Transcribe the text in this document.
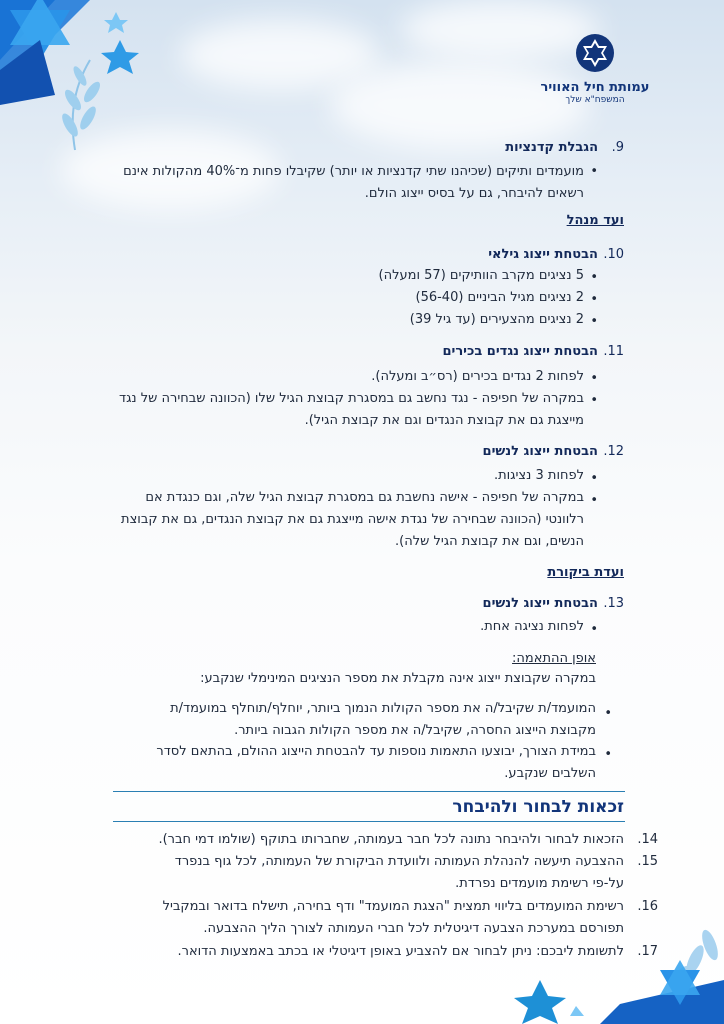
עמותת חיל האוויר
המשפח"א שלך
9.
הגבלת קדנציות
•
מועמדים ותיקים (שכיהנו שתי קדנציות או יותר) שקיבלו פחות מ־40% מהקולות אינם
רשאים להיבחר, גם על בסיס ייצוג הולם.
ועד מנהל
10.
הבטחת ייצוג גילאי
•
5 נציגים מקרב הוותיקים (57 ומעלה)
•
2 נציגים מגיל הביניים (56-40)
•
2 נציגים מהצעירים (עד גיל 39)
11.
הבטחת ייצוג נגדים בכירים
•
לפחות 2 נגדים בכירים (רס״ב ומעלה).
•
במקרה של חפיפה - נגד נחשב גם במסגרת קבוצת הגיל שלו (הכוונה שבחירה של נגד
מייצגת גם את קבוצת הנגדים וגם את קבוצת הגיל).
12.
הבטחת ייצוג לנשים
•
לפחות 3 נציגות.
•
במקרה של חפיפה - אישה נחשבת גם במסגרת קבוצת הגיל שלה, וגם כנגדת אם
רלוונטי (הכוונה שבחירה של נגדת אישה מייצגת גם את קבוצת הנגדים, גם את קבוצת
הנשים, וגם את קבוצת הגיל שלה).
ועדת ביקורת
13.
הבטחת ייצוג לנשים
•
לפחות נציגה אחת.
אופן ההתאמה:
במקרה שקבוצת ייצוג אינה מקבלת את מספר הנציגים המינימלי שנקבע:
•
המועמד/ת שקיבל/ה את מספר הקולות הנמוך ביותר, יוחלף/תוחלף במועמד/ת
מקבוצת הייצוג החסרה, שקיבל/ה את מספר הקולות הגבוה ביותר.
•
במידת הצורך, יבוצעו התאמות נוספות עד להבטחת הייצוג ההולם, בהתאם לסדר
השלבים שנקבע.
זכאות לבחור ולהיבחר
14.
הזכאות לבחור ולהיבחר נתונה לכל חבר בעמותה, שחברותו בתוקף (שולמו דמי חבר).
15.
ההצבעה תיעשה להנהלת העמותה ולוועדת הביקורת של העמותה, לכל גוף בנפרד
על-פי רשימת מועמדים נפרדת.
16.
רשימת המועמדים בליווי תמצית "הצגת המועמד" ודף בחירה, תישלח בדואר ובמקביל
תפורסם במערכת הצבעה דיגיטלית לכל חברי העמותה לצורך הליך ההצבעה.
17.
לתשומת ליבכם: ניתן לבחור אם להצביע באופן דיגיטלי או בכתב באמצעות הדואר.
